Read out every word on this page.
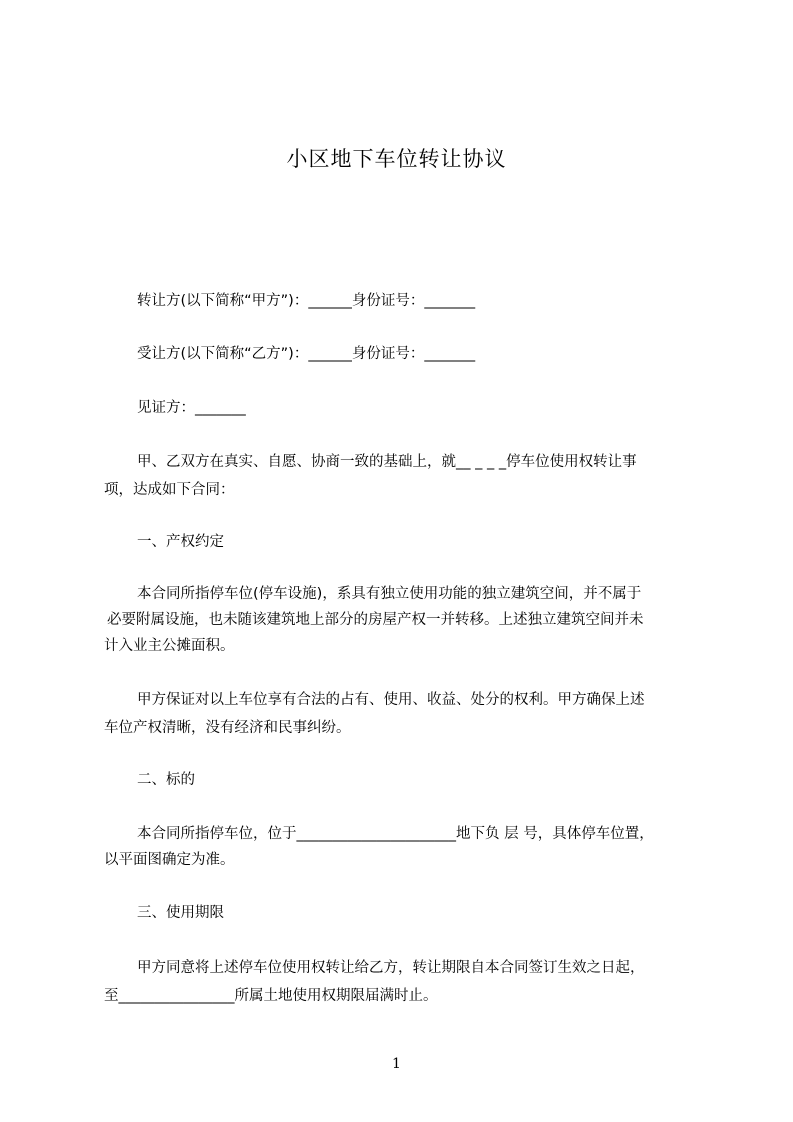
小区地下车位转让协议
转让方(以下简称“甲方”)：______身份证号：_______
受让方(以下简称“乙方”)：______身份证号：_______
见证方：_______
甲、乙双方在真实、自愿、协商一致的基础上，就__ _ _ _停车位使用权转让事
项，达成如下合同：
一、产权约定
本合同所指停车位(停车设施)，系具有独立使用功能的独立建筑空间，并不属于
必要附属设施，也未随该建筑地上部分的房屋产权一并转移。上述独立建筑空间并未
计入业主公摊面积。
甲方保证对以上车位享有合法的占有、使用、收益、处分的权利。甲方确保上述
车位产权清晰，没有经济和民事纠纷。
二、标的
本合同所指停车位，位于______________________地下负 层 号，具体停车位置，
以平面图确定为准。
三、使用期限
甲方同意将上述停车位使用权转让给乙方，转让期限自本合同签订生效之日起，
至________________所属土地使用权期限届满时止。
1
